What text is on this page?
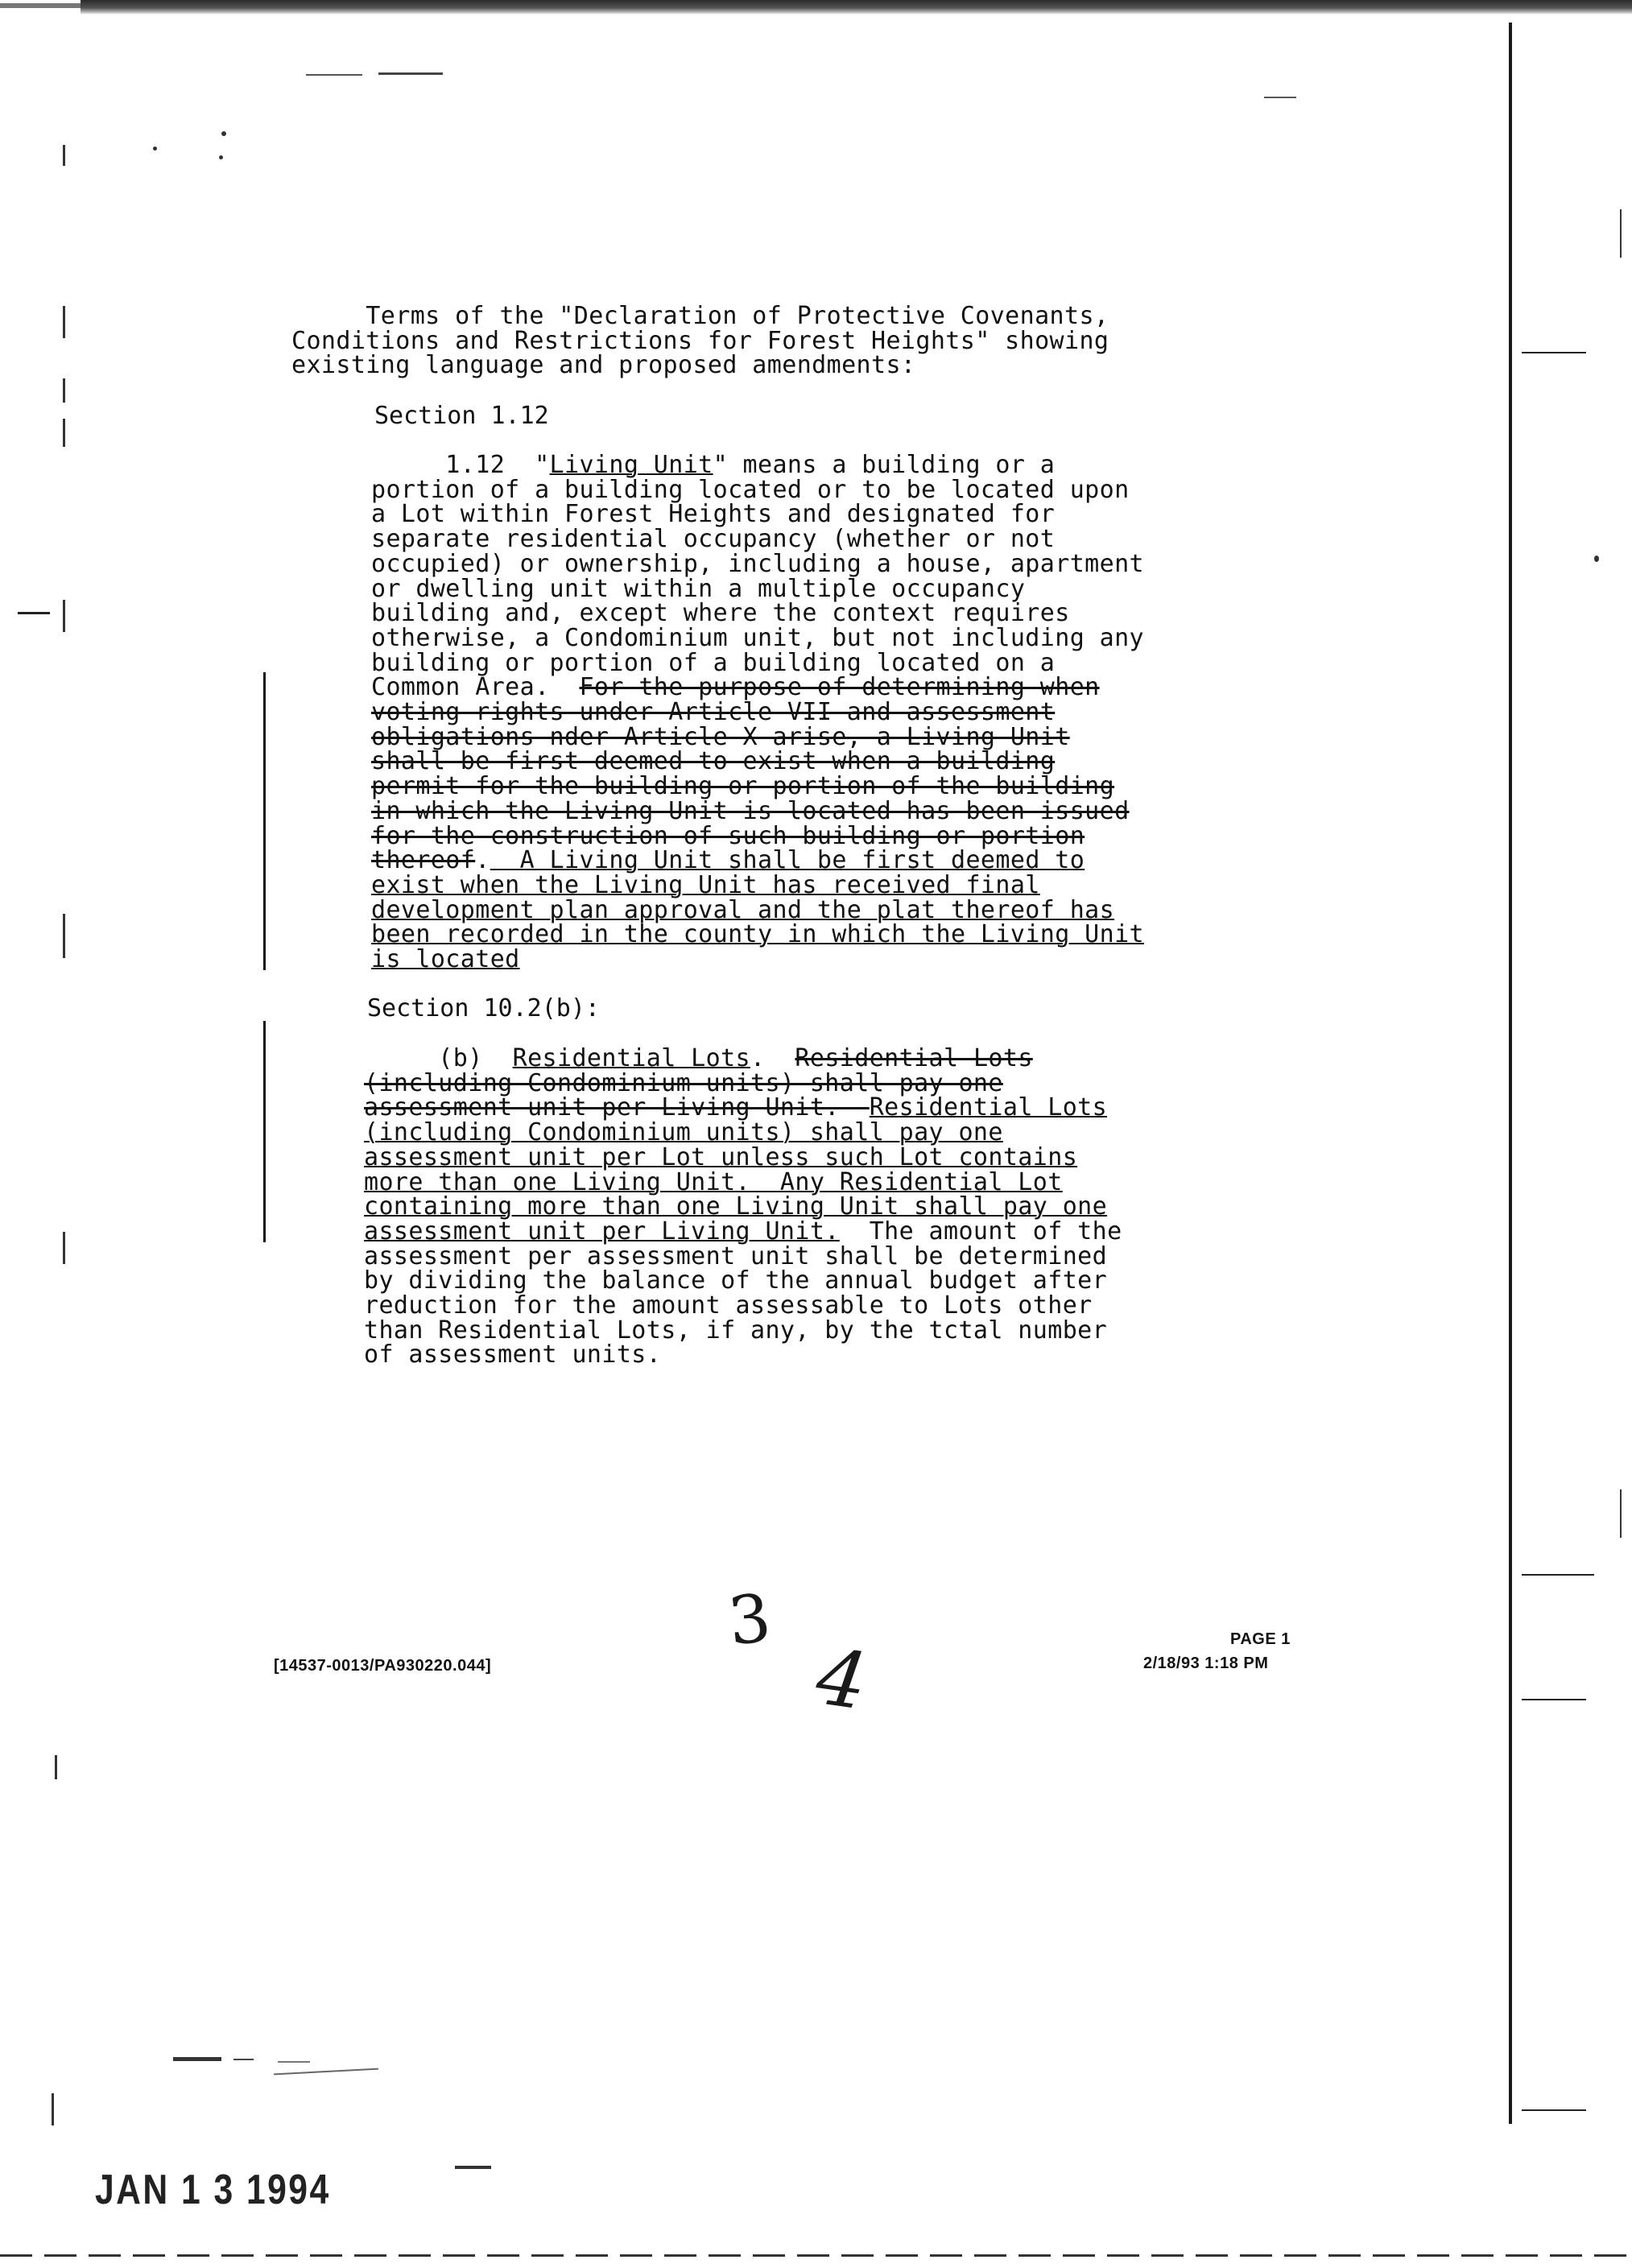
Terms of the "Declaration of Protective Covenants,
Conditions and Restrictions for Forest Heights" showing
existing language and proposed amendments:
Section 1.12
1.12  "Living Unit" means a building or a
portion of a building located or to be located upon
a Lot within Forest Heights and designated for
separate residential occupancy (whether or not
occupied) or ownership, including a house, apartment
or dwelling unit within a multiple occupancy
building and, except where the context requires
otherwise, a Condominium unit, but not including any
building or portion of a building located on a
Common Area.  For the purpose of determining when
voting rights under Article VII and assessment
obligations nder Article X arise, a Living Unit
shall be first deemed to exist when a building
permit for the building or portion of the building
in which the Living Unit is located has been issued
for the construction of such building or portion
thereof.  A Living Unit shall be first deemed to
exist when the Living Unit has received final
development plan approval and the plat thereof has
been recorded in the county in which the Living Unit
is located
Section 10.2(b):
(b)  Residential Lots.  Residential Lots
(including Condominium units) shall pay one
assessment unit per Living Unit.  Residential Lots
(including Condominium units) shall pay one
assessment unit per Lot unless such Lot contains
more than one Living Unit.  Any Residential Lot
containing more than one Living Unit shall pay one
assessment unit per Living Unit.  The amount of the
assessment per assessment unit shall be determined
by dividing the balance of the annual budget after
reduction for the amount assessable to Lots other
than Residential Lots, if any, by the tctal number
of assessment units.
[14537-0013/PA930220.044]
PAGE 1
2/18/93 1:18 PM
3
4
JAN 1 3 1994
